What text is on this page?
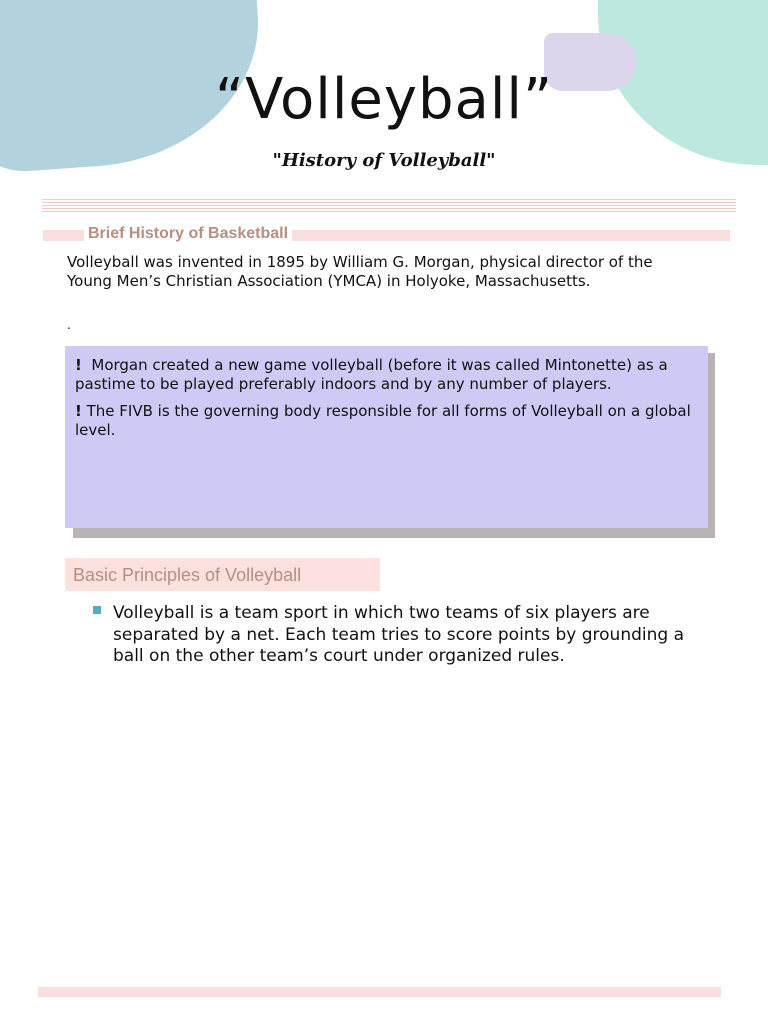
“Volleyball”
"History of Volleyball"
Brief History of Basketball
Volleyball was invented in 1895 by William G. Morgan, physical director of the Young Men’s Christian Association (YMCA) in Holyoke, Massachusetts.
.

! Morgan created a new game volleyball (before it was called Mintonette) as a pastime to be played preferably indoors and by any number of players.

! The FIVB is the governing body responsible for all forms of Volleyball on a global level.

Basic Principles of Volleyball
Volleyball is a team sport in which two teams of six players are separated by a net. Each team tries to score points by grounding a ball on the other team’s court under organized rules.
